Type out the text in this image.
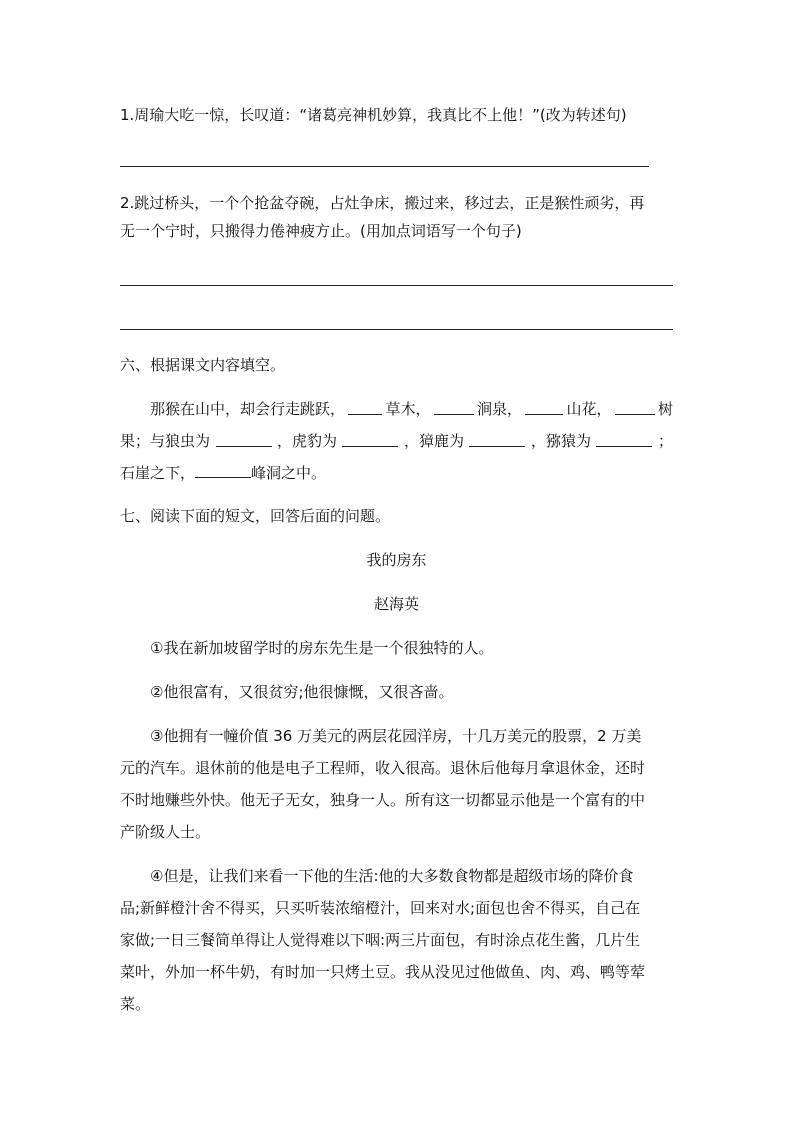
1.周瑜大吃一惊，长叹道：“诸葛亮神机妙算，我真比不上他！”(改为转述句)
2.跳过桥头，一个个抢盆夺碗，占灶争床，搬过来，移过去，正是猴性顽劣，再
无一个宁时，只搬得力倦神疲方止。(用加点词语写一个句子)
六、根据课文内容填空。
那猴在山中，却会行走跳跃，	草木，	涧泉，	山花，	树
果；与狼虫为	，虎豹为	，獐鹿为	，猕猿为	；
石崖之下，	峰洞之中。
七、阅读下面的短文，回答后面的问题。
我的房东
赵海英
①我在新加坡留学时的房东先生是一个很独特的人。
②他很富有，又很贫穷;他很慷慨，又很吝啬。
③他拥有一幢价值 36 万美元的两层花园洋房，十几万美元的股票，2 万美
元的汽车。退休前的他是电子工程师，收入很高。退休后他每月拿退休金，还时
不时地赚些外快。他无子无女，独身一人。所有这一切都显示他是一个富有的中
产阶级人士。
④但是，让我们来看一下他的生活:他的大多数食物都是超级市场的降价食
品;新鲜橙汁舍不得买，只买听装浓缩橙汁，回来对水;面包也舍不得买，自己在
家做;一日三餐简单得让人觉得难以下咽:两三片面包，有时涂点花生酱，几片生
菜叶，外加一杯牛奶，有时加一只烤土豆。我从没见过他做鱼、肉、鸡、鸭等荤
菜。
